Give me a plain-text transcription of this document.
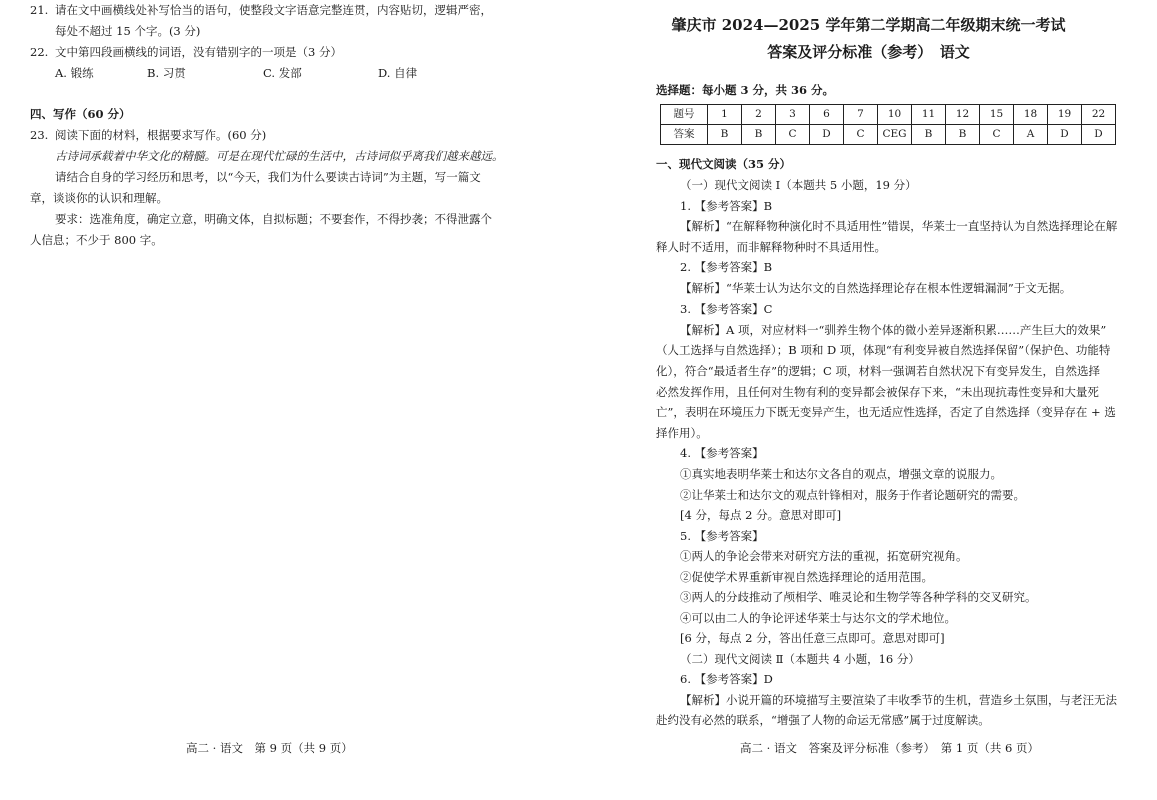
21. 请在文中画横线处补写恰当的语句，使整段文字语意完整连贯，内容贴切，逻辑严密，
每处不超过 15 个字。(3 分)
22. 文中第四段画横线的词语，没有错别字的一项是（3 分）
A. 锻练	B. 习贯	C. 发部	D. 自律
四、写作（60 分）
23. 阅读下面的材料，根据要求写作。(60 分)
古诗词承载着中华文化的精髓。可是在现代忙碌的生活中，古诗词似乎离我们越来越远。
请结合自身的学习经历和思考，以“今天，我们为什么要读古诗词”为主题，写一篇文
章，谈谈你的认识和理解。
要求：选准角度，确定立意，明确文体，自拟标题；不要套作，不得抄袭；不得泄露个
人信息；不少于 800 字。
高二 · 语文　第 9 页（共 9 页）
肇庆市 2024—2025 学年第二学期高二年级期末统一考试
答案及评分标准（参考）　语文
选择题：每小题 3 分，共 36 分。
题号	1	2	3	6	7	10	11	12	15	18	19	22
答案	B	B	C	D	C	CEG	B	B	C	A	D	D
一、现代文阅读（35 分）
（一）现代文阅读 Ⅰ（本题共 5 小题，19 分）
1. 【参考答案】B
【解析】“在解释物种演化时不具适用性”错误，华莱士一直坚持认为自然选择理论在解
释人时不适用，而非解释物种时不具适用性。
2. 【参考答案】B
【解析】“华莱士认为达尔文的自然选择理论存在根本性逻辑漏洞”于文无据。
3. 【参考答案】C
【解析】A 项，对应材料一“驯养生物个体的微小差异逐渐积累……产生巨大的效果”
（人工选择与自然选择）；B 项和 D 项，体现“有利变异被自然选择保留”（保护色、功能特
化），符合“最适者生存”的逻辑；C 项，材料一强调若自然状况下有变异发生，自然选择
必然发挥作用，且任何对生物有利的变异都会被保存下来，“未出现抗毒性变异和大量死
亡”，表明在环境压力下既无变异产生，也无适应性选择，否定了自然选择（变异存在 + 选
择作用）。
4. 【参考答案】
①真实地表明华莱士和达尔文各自的观点，增强文章的说服力。
②让华莱士和达尔文的观点针锋相对，服务于作者论题研究的需要。
[4 分，每点 2 分。意思对即可]
5. 【参考答案】
①两人的争论会带来对研究方法的重视，拓宽研究视角。
②促使学术界重新审视自然选择理论的适用范围。
③两人的分歧推动了颅相学、唯灵论和生物学等各种学科的交叉研究。
④可以由二人的争论评述华莱士与达尔文的学术地位。
[6 分，每点 2 分，答出任意三点即可。意思对即可]
（二）现代文阅读 Ⅱ（本题共 4 小题，16 分）
6. 【参考答案】D
【解析】小说开篇的环境描写主要渲染了丰收季节的生机，营造乡土氛围，与老汪无法
赴约没有必然的联系，“增强了人物的命运无常感”属于过度解读。
高二 · 语文　答案及评分标准（参考）　第 1 页（共 6 页）
